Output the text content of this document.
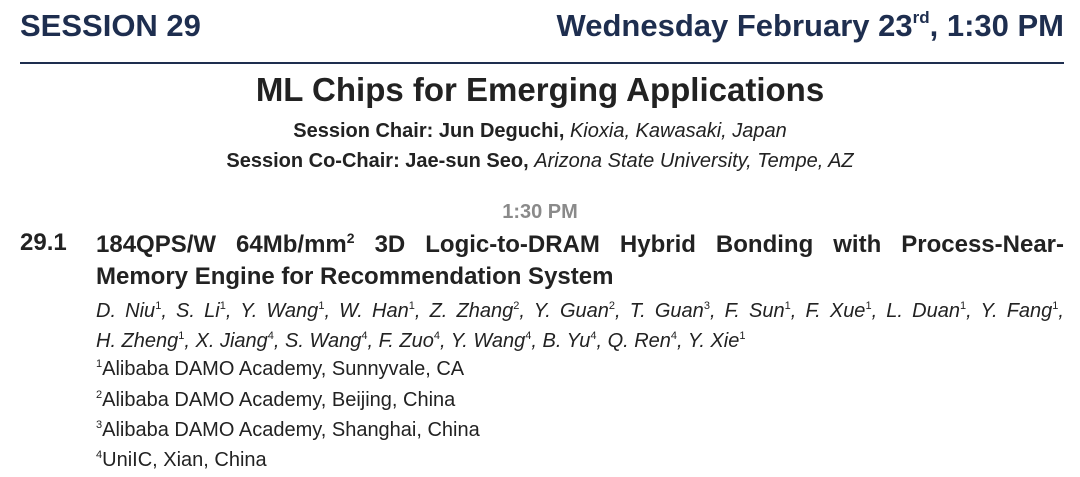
SESSION 29	Wednesday February 23rd, 1:30 PM
ML Chips for Emerging Applications
Session Chair: Jun Deguchi, Kioxia, Kawasaki, Japan
Session Co-Chair: Jae-sun Seo, Arizona State University, Tempe, AZ
1:30 PM
29.1 184QPS/W $64Mb/mm^2$ 3D Logic-to-DRAM Hybrid Bonding with Process-Near-
Memory Engine for Recommendation System
D. Niu$^1$, S. Li$^1$, Y. Wang$^1$, W. Han$^1$, Z. Zhang$^2$, Y. Guan$^2$, T. Guan$^3$, F. Sun$^1$, F. Xue$^1$, L. Duan$^1$, Y. Fang$^1$,
H. Zheng$^1$, X. Jiang$^4$, S. Wang$^4$, F. Zuo$^4$, Y. Wang$^4$, B. Yu$^4$, Q. Ren$^4$, Y. Xie$^1$
$^1$Alibaba DAMO Academy, Sunnyvale, CA
$^2$Alibaba DAMO Academy, Beijing, China
$^3$Alibaba DAMO Academy, Shanghai, China
$^4$UniIC, Xian, China
